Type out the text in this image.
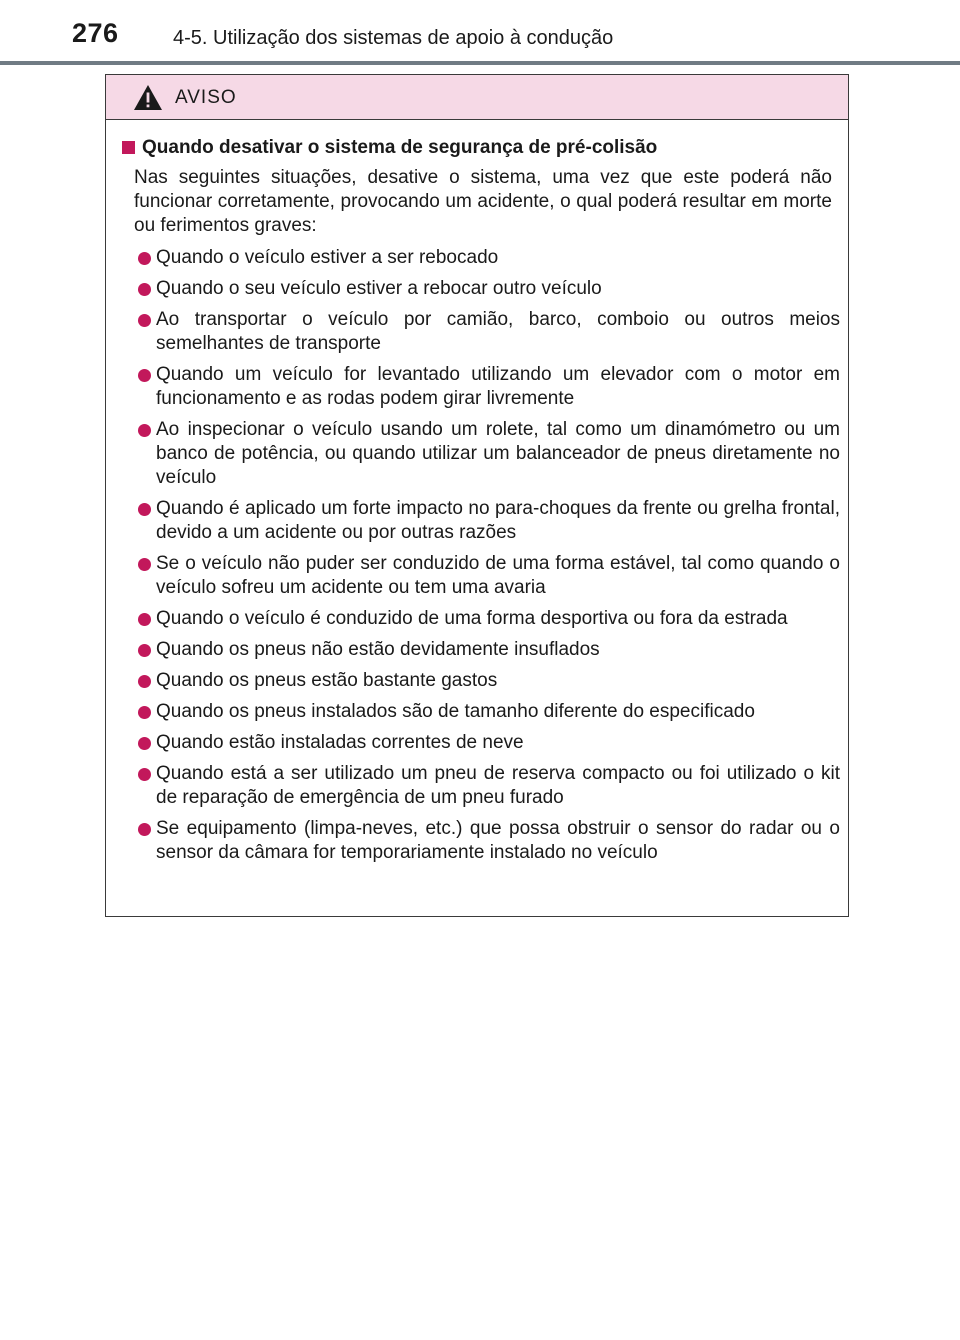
276	4-5. Utilização dos sistemas de apoio à condução
AVISO
Quando desativar o sistema de segurança de pré-colisão
Nas seguintes situações, desative o sistema, uma vez que este poderá não funcionar corretamente, provocando um acidente, o qual poderá resultar em morte ou ferimentos graves:
Quando o veículo estiver a ser rebocado
Quando o seu veículo estiver a rebocar outro veículo
Ao transportar o veículo por camião, barco, comboio ou outros meios semelhantes de transporte
Quando um veículo for levantado utilizando um elevador com o motor em funcionamento e as rodas podem girar livremente
Ao inspecionar o veículo usando um rolete, tal como um dinamómetro ou um banco de potência, ou quando utilizar um balanceador de pneus diretamente no veículo
Quando é aplicado um forte impacto no para-choques da frente ou grelha frontal, devido a um acidente ou por outras razões
Se o veículo não puder ser conduzido de uma forma estável, tal como quando o veículo sofreu um acidente ou tem uma avaria
Quando o veículo é conduzido de uma forma desportiva ou fora da estrada
Quando os pneus não estão devidamente insuflados
Quando os pneus estão bastante gastos
Quando os pneus instalados são de tamanho diferente do especificado
Quando estão instaladas correntes de neve
Quando está a ser utilizado um pneu de reserva compacto ou foi utilizado o kit de reparação de emergência de um pneu furado
Se equipamento (limpa-neves, etc.) que possa obstruir o sensor do radar ou o sensor da câmara for temporariamente instalado no veículo
